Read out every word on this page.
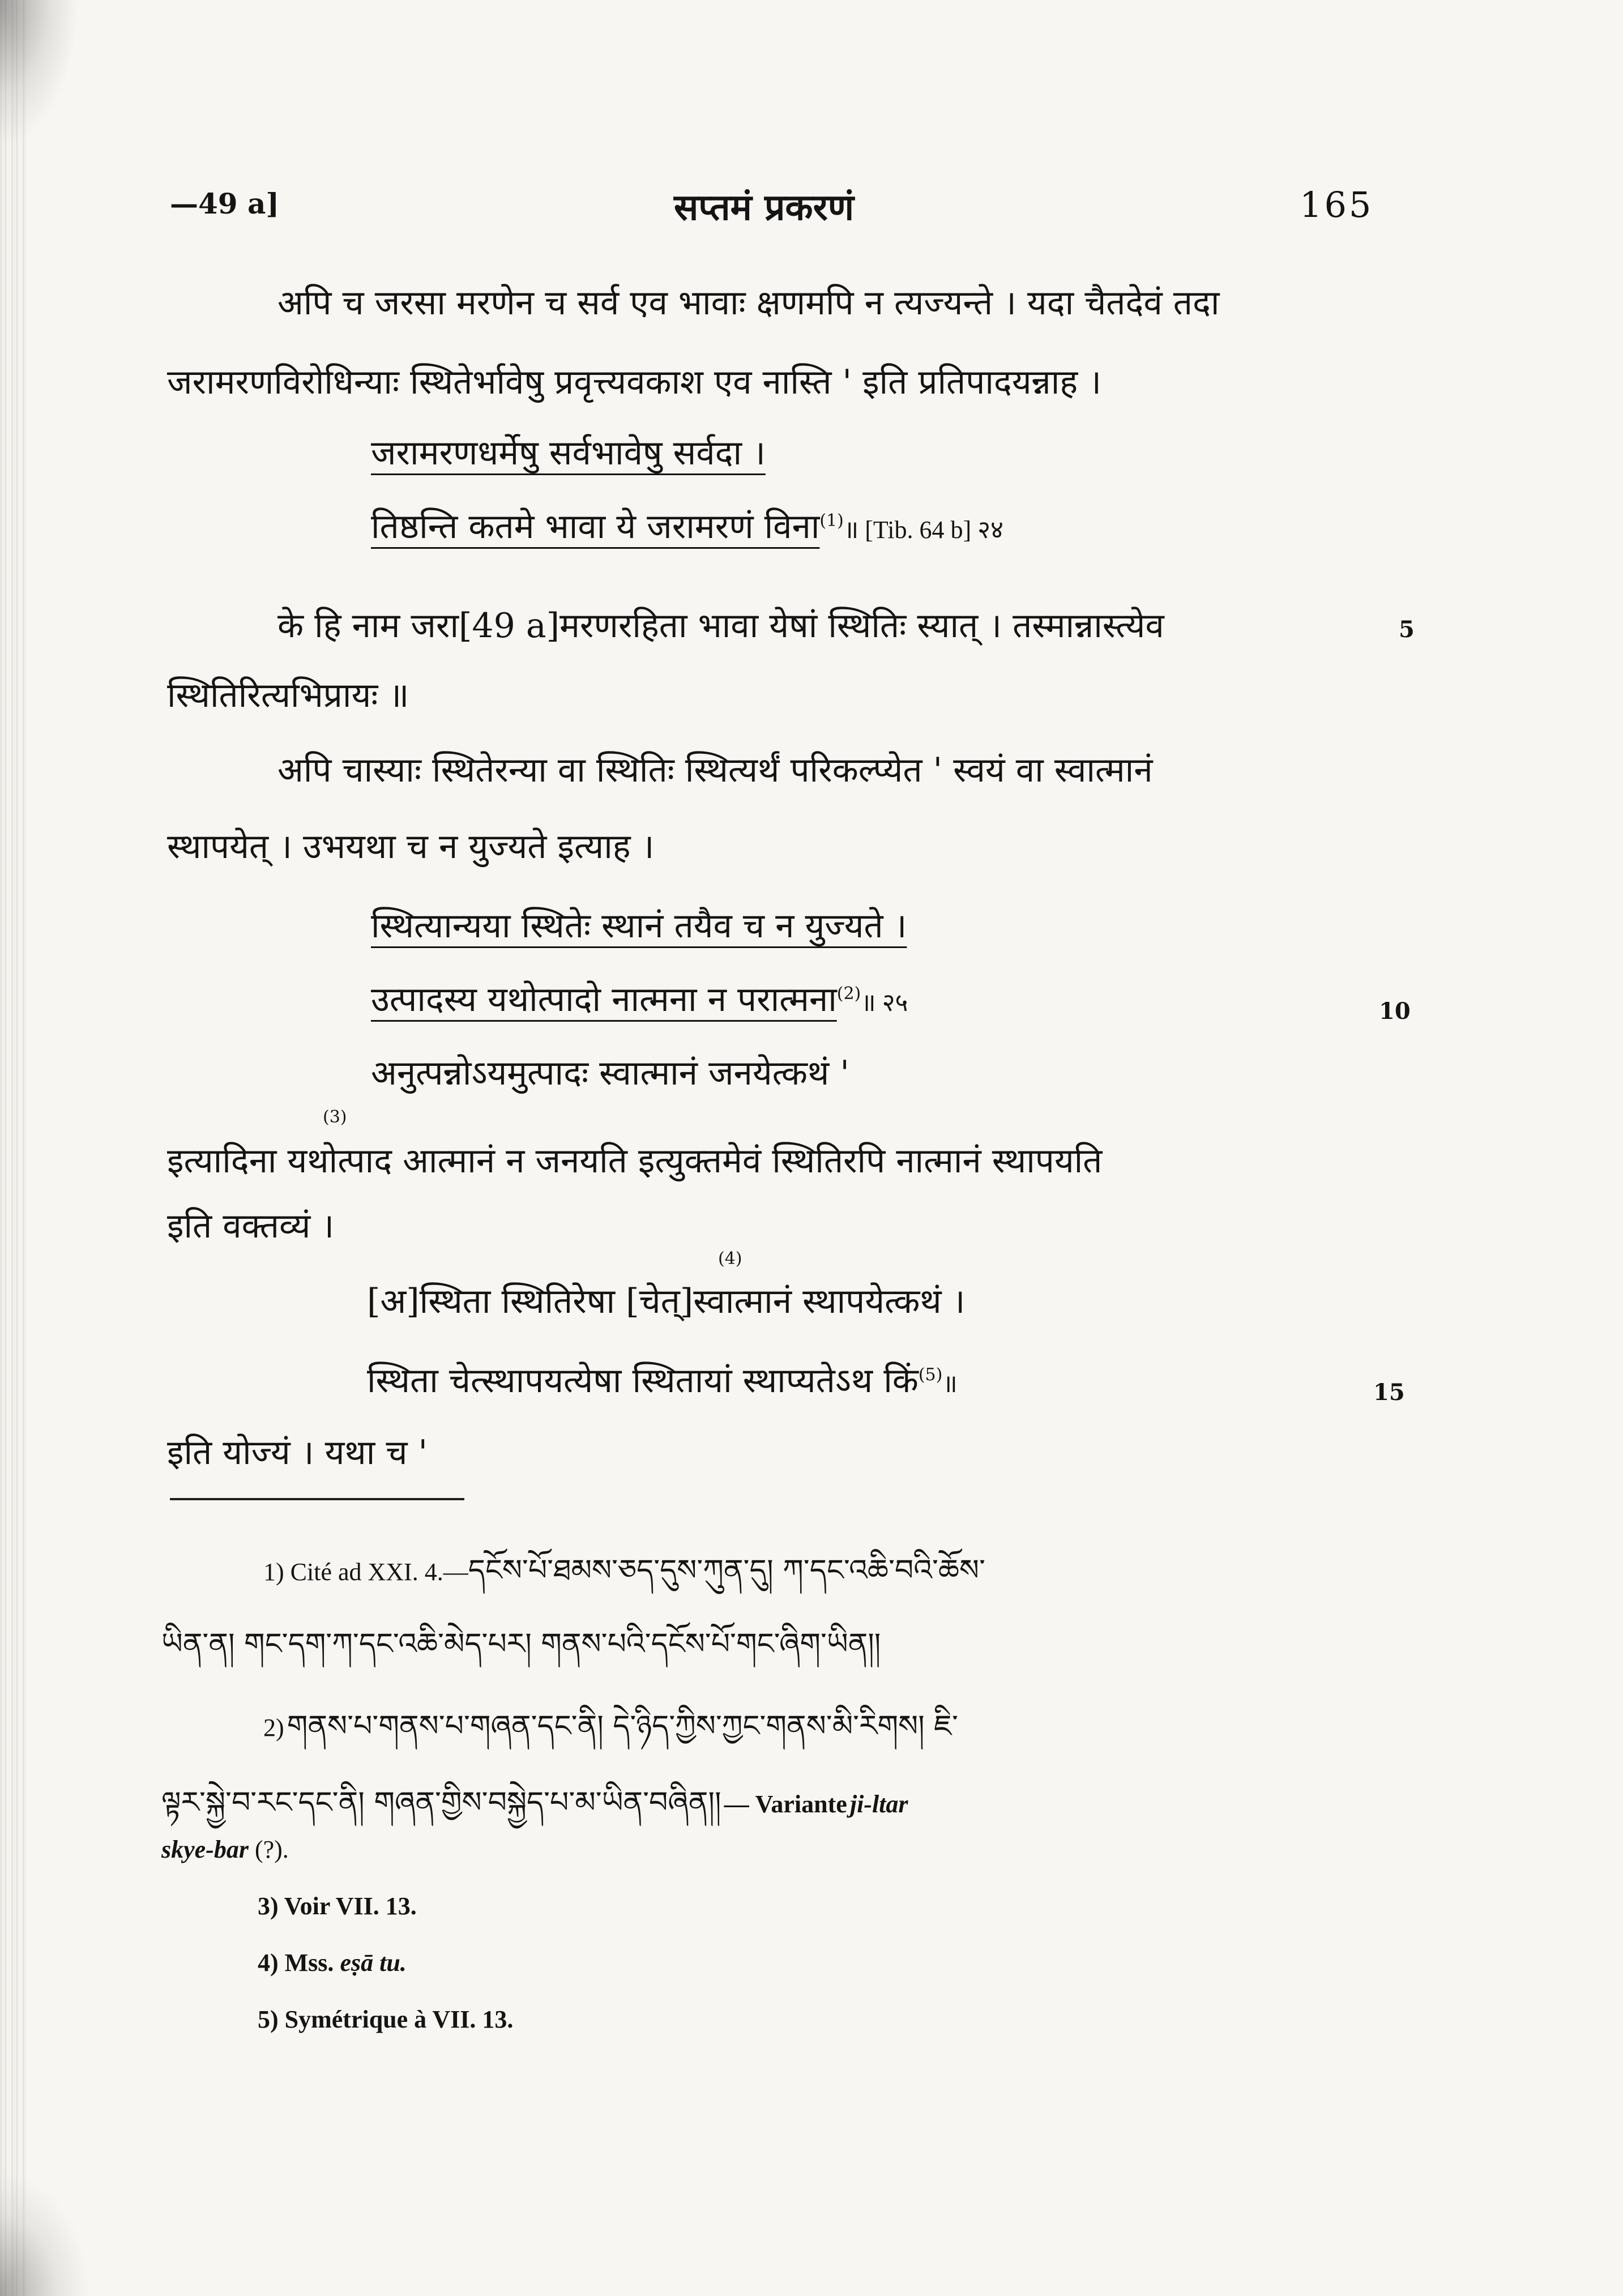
—49 a]	सप्तमं प्रकरणं	165
अपि च जरसा मरणेन च सर्व एव भावाः क्षणमपि न त्यज्यन्ते । यदा चैतदेवं तदा
जरामरणविरोधिन्याः स्थितेर्भावेषु प्रवृत्त्यवकाश एव नास्ति ' इति प्रतिपादयन्नाह ।
जरामरणधर्मेषु सर्वभावेषु सर्वदा ।
तिष्ठन्ति कतमे भावा ये जरामरणं विना$^{(1)}$॥ [Tib. 64 b] २४
के हि नाम जरा[49 a]मरणरहिता भावा येषां स्थितिः स्यात् । तस्मान्नास्त्येव	5
स्थितिरित्यभिप्रायः ॥
अपि चास्याः स्थितेरन्या वा स्थितिः स्थित्यर्थं परिकल्प्येत ' स्वयं वा स्वात्मानं
स्थापयेत् । उभयथा च न युज्यते इत्याह ।
स्थित्यान्यया स्थितेः स्थानं तयैव च न युज्यते ।
उत्पादस्य यथोत्पादो नात्मना न परात्मना$^{(2)}$॥ २५	10
अनुत्पन्नोऽयमुत्पादः स्वात्मानं जनयेत्कथं '
(3)
इत्यादिना यथोत्पाद आत्मानं न जनयति इत्युक्तमेवं स्थितिरपि नात्मानं स्थापयति
इति वक्तव्यं ।
$^{(4)}$
[अ]स्थिता स्थितिरेषा [चेत्]स्वात्मानं स्थापयेत्कथं ।
स्थिता चेत्स्थापयत्येषा स्थितायां स्थाप्यतेऽथ किं$^{(5)}$॥	15
इति योज्यं । यथा च '
1) Cité ad XXI. 4.—དངོས་པོ་ཐམས་ཅད་དུས་ཀུན་དུ། ཀ་དང་འཆི་བའི་ཆོས་
ཡིན་ན། གང་དག་ཀ་དང་འཆི་མེད་པར། གནས་པའི་དངོས་པོ་གང་ཞིག་ཡིན།།
2) གནས་པ་གནས་པ་གཞན་དང་ནི། དེ་ཉིད་ཀྱིས་ཀྱང་གནས་མི་རིགས། ཇི་
ལྟར་སྐྱེ་བ་རང་དང་ནི། གཞན་གྱིས་བསྐྱེད་པ་མ་ཡིན་བཞིན།། — Variante ji-ltar
skye-bar (?).
3) Voir VII. 13.
4) Mss. eṣā tu.
5) Symétrique à VII. 13.
